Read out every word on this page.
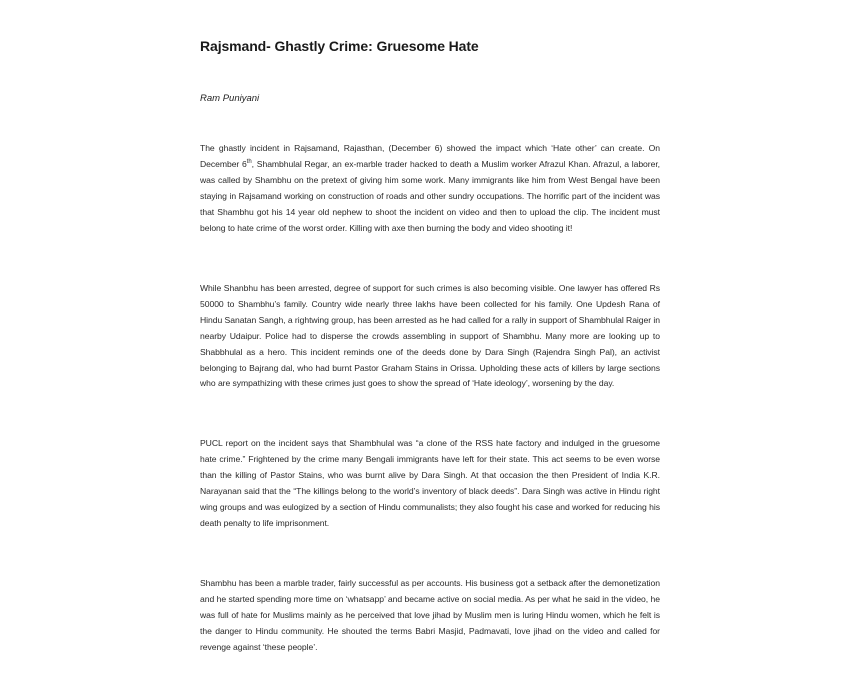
Rajsmand- Ghastly Crime: Gruesome Hate

Ram Puniyani

The ghastly incident in Rajsamand, Rajasthan, (December 6) showed the impact which ‘Hate other’ can create. On December 6th, Shambhulal Regar, an ex-marble trader hacked to death a Muslim worker Afrazul Khan. Afrazul, a laborer, was called by Shambhu on the pretext of giving him some work. Many immigrants like him from West Bengal have been staying in Rajsamand working on construction of roads and other sundry occupations. The horrific part of the incident was that Shambhu got his 14 year old nephew to shoot the incident on video and then to upload the clip. The incident must belong to hate crime of the worst order. Killing with axe then burning the body and video shooting it!

While Shanbhu has been arrested, degree of support for such crimes is also becoming visible. One lawyer has offered Rs 50000 to Shambhu’s family. Country wide nearly three lakhs have been collected for his family. One Updesh Rana of Hindu Sanatan Sangh, a rightwing group, has been arrested as he had called for a rally in support of Shambhulal Raiger in nearby Udaipur. Police had to disperse the crowds assembling in support of Shambhu. Many more are looking up to Shabbhulal as a hero. This incident reminds one of the deeds done by Dara Singh (Rajendra Singh Pal), an activist belonging to Bajrang dal, who had burnt Pastor Graham Stains in Orissa. Upholding these acts of killers by large sections who are sympathizing with these crimes just goes to show the spread of ‘Hate ideology’, worsening by the day.

PUCL report on the incident says that Shambhulal was “a clone of the RSS hate factory and indulged in the gruesome hate crime.” Frightened by the crime many Bengali immigrants have left for their state. This act seems to be even worse than the killing of Pastor Stains, who was burnt alive by Dara Singh. At that occasion the then President of India K.R. Narayanan said that the “The killings belong to the world’s inventory of black deeds”. Dara Singh was active in Hindu right wing groups and was eulogized by a section of Hindu communalists; they also fought his case and worked for reducing his death penalty to life imprisonment.

Shambhu has been a marble trader, fairly successful as per accounts. His business got a setback after the demonetization and he started spending more time on ‘whatsapp’ and became active on social media. As per what he said in the video, he was full of hate for Muslims mainly as he perceived that love jihad by Muslim men is luring Hindu women, which he felt is the danger to Hindu community. He shouted the terms Babri Masjid, Padmavati, love jihad on the video and called for revenge against ‘these people’.
